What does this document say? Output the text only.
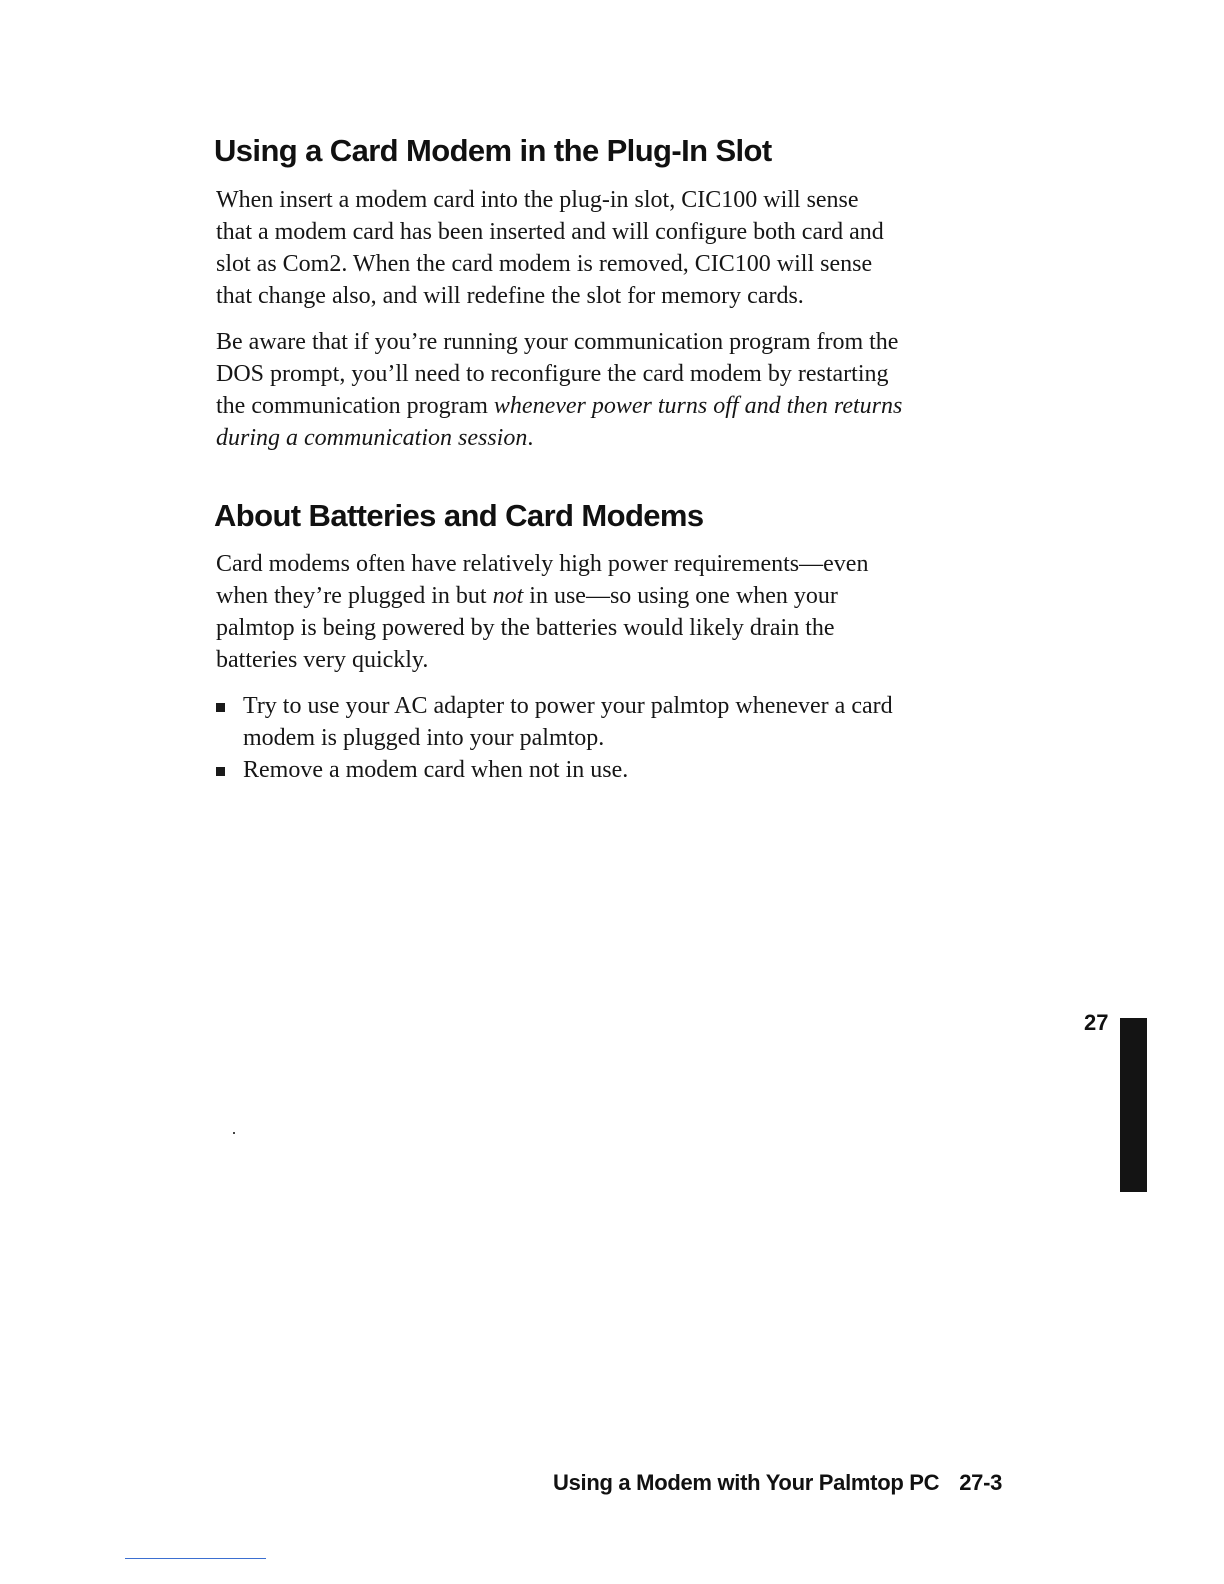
Using a Card Modem in the Plug-In Slot

When insert a modem card into the plug-in slot, CIC100 will sense
that a modem card has been inserted and will configure both card and
slot as Com2. When the card modem is removed, CIC100 will sense
that change also, and will redefine the slot for memory cards.

Be aware that if you’re running your communication program from the
DOS prompt, you’ll need to reconfigure the card modem by restarting
the communication program whenever power turns off and then returns
during a communication session.

About Batteries and Card Modems

Card modems often have relatively high power requirements—even
when they’re plugged in but not in use—so using one when your
palmtop is being powered by the batteries would likely drain the
batteries very quickly.

Try to use your AC adapter to power your palmtop whenever a card
modem is plugged into your palmtop.
Remove a modem card when not in use.
27
Using a Modem with Your Palmtop PC 27-3
